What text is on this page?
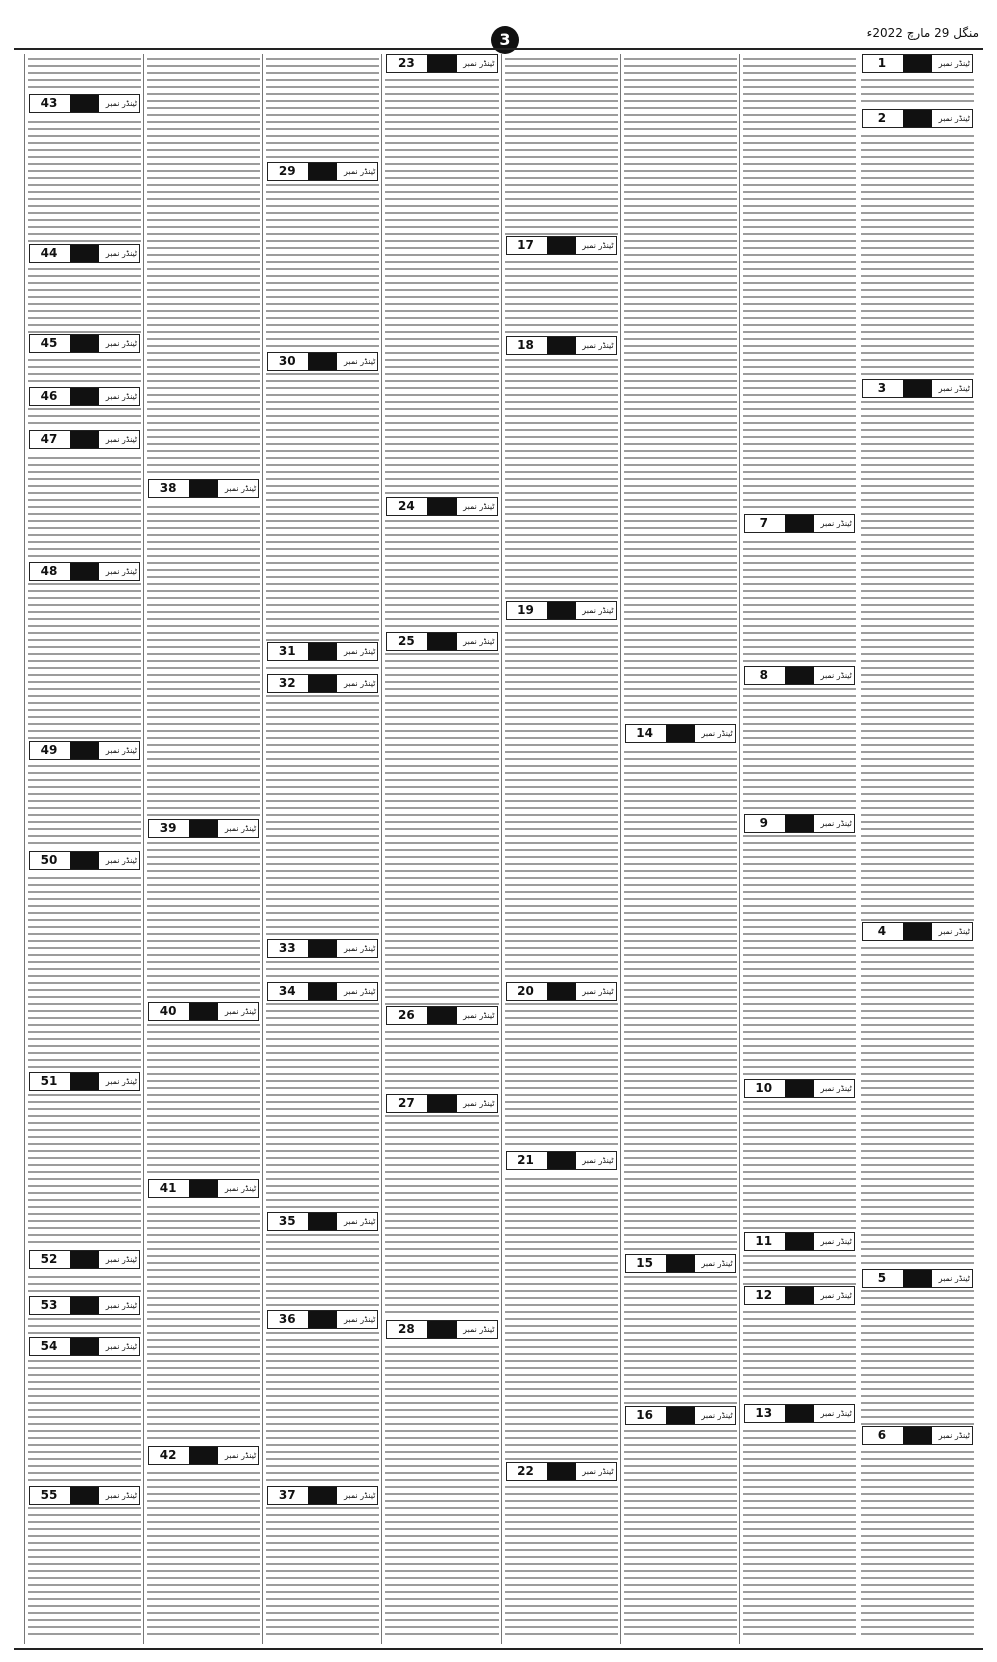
منگل 29 مارچ 2022ء
3
1	ٹینڈر نمبر
2	ٹینڈر نمبر
3	ٹینڈر نمبر
4	ٹینڈر نمبر
5	ٹینڈر نمبر
6	ٹینڈر نمبر
7	ٹینڈر نمبر
8	ٹینڈر نمبر
9	ٹینڈر نمبر
10	ٹینڈر نمبر
11	ٹینڈر نمبر
12	ٹینڈر نمبر
13	ٹینڈر نمبر
14	ٹینڈر نمبر
15	ٹینڈر نمبر
16	ٹینڈر نمبر
17	ٹینڈر نمبر
18	ٹینڈر نمبر
19	ٹینڈر نمبر
20	ٹینڈر نمبر
21	ٹینڈر نمبر
22	ٹینڈر نمبر
23	ٹینڈر نمبر
24	ٹینڈر نمبر
25	ٹینڈر نمبر
26	ٹینڈر نمبر
27	ٹینڈر نمبر
28	ٹینڈر نمبر
29	ٹینڈر نمبر
30	ٹینڈر نمبر
31	ٹینڈر نمبر
32	ٹینڈر نمبر
33	ٹینڈر نمبر
34	ٹینڈر نمبر
35	ٹینڈر نمبر
36	ٹینڈر نمبر
37	ٹینڈر نمبر
38	ٹینڈر نمبر
39	ٹینڈر نمبر
40	ٹینڈر نمبر
41	ٹینڈر نمبر
42	ٹینڈر نمبر
43	ٹینڈر نمبر
44	ٹینڈر نمبر
45	ٹینڈر نمبر
46	ٹینڈر نمبر
47	ٹینڈر نمبر
48	ٹینڈر نمبر
49	ٹینڈر نمبر
50	ٹینڈر نمبر
51	ٹینڈر نمبر
52	ٹینڈر نمبر
53	ٹینڈر نمبر
54	ٹینڈر نمبر
55	ٹینڈر نمبر
